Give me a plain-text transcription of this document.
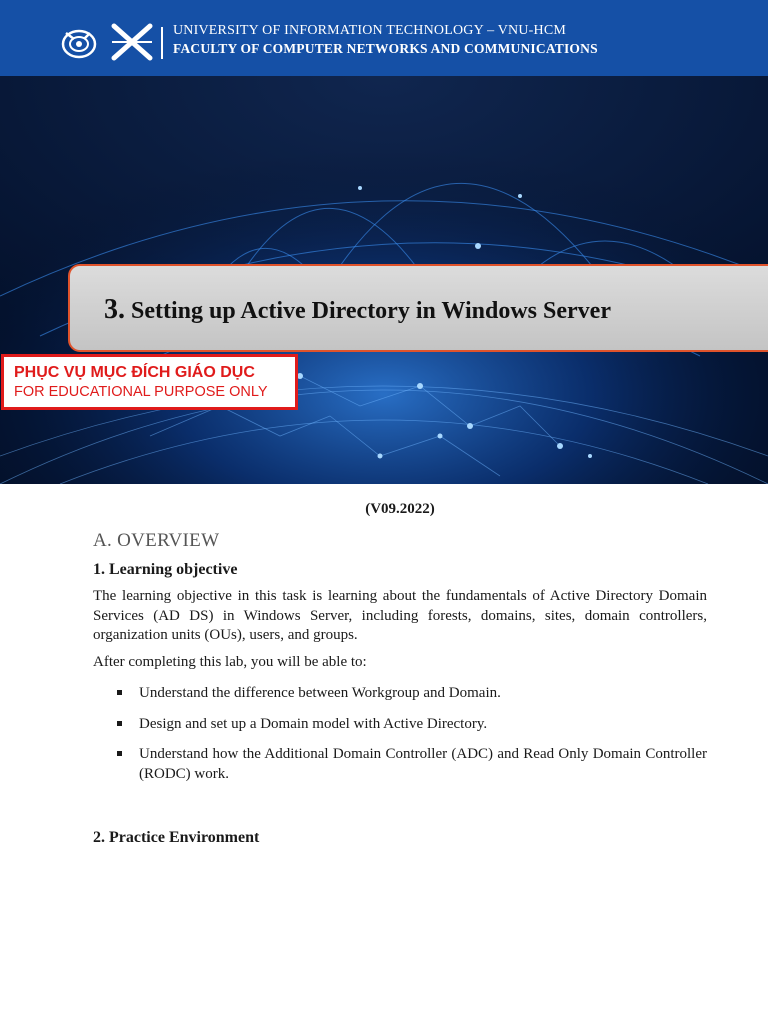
UNIVERSITY OF INFORMATION TECHNOLOGY – VNU-HCM
FACULTY OF COMPUTER NETWORKS AND COMMUNICATIONS
3. Setting up Active Directory in Windows Server
PHỤC VỤ MỤC ĐÍCH GIÁO DỤC
FOR EDUCATIONAL PURPOSE ONLY
(V09.2022)
A. OVERVIEW
1. Learning objective
The learning objective in this task is learning about the fundamentals of Active Directory Domain Services (AD DS) in Windows Server, including forests, domains, sites, domain controllers, organization units (OUs), users, and groups.
After completing this lab, you will be able to:
Understand the difference between Workgroup and Domain.
Design and set up a Domain model with Active Directory.
Understand how the Additional Domain Controller (ADC) and Read Only Domain Controller (RODC) work.
2. Practice Environment
